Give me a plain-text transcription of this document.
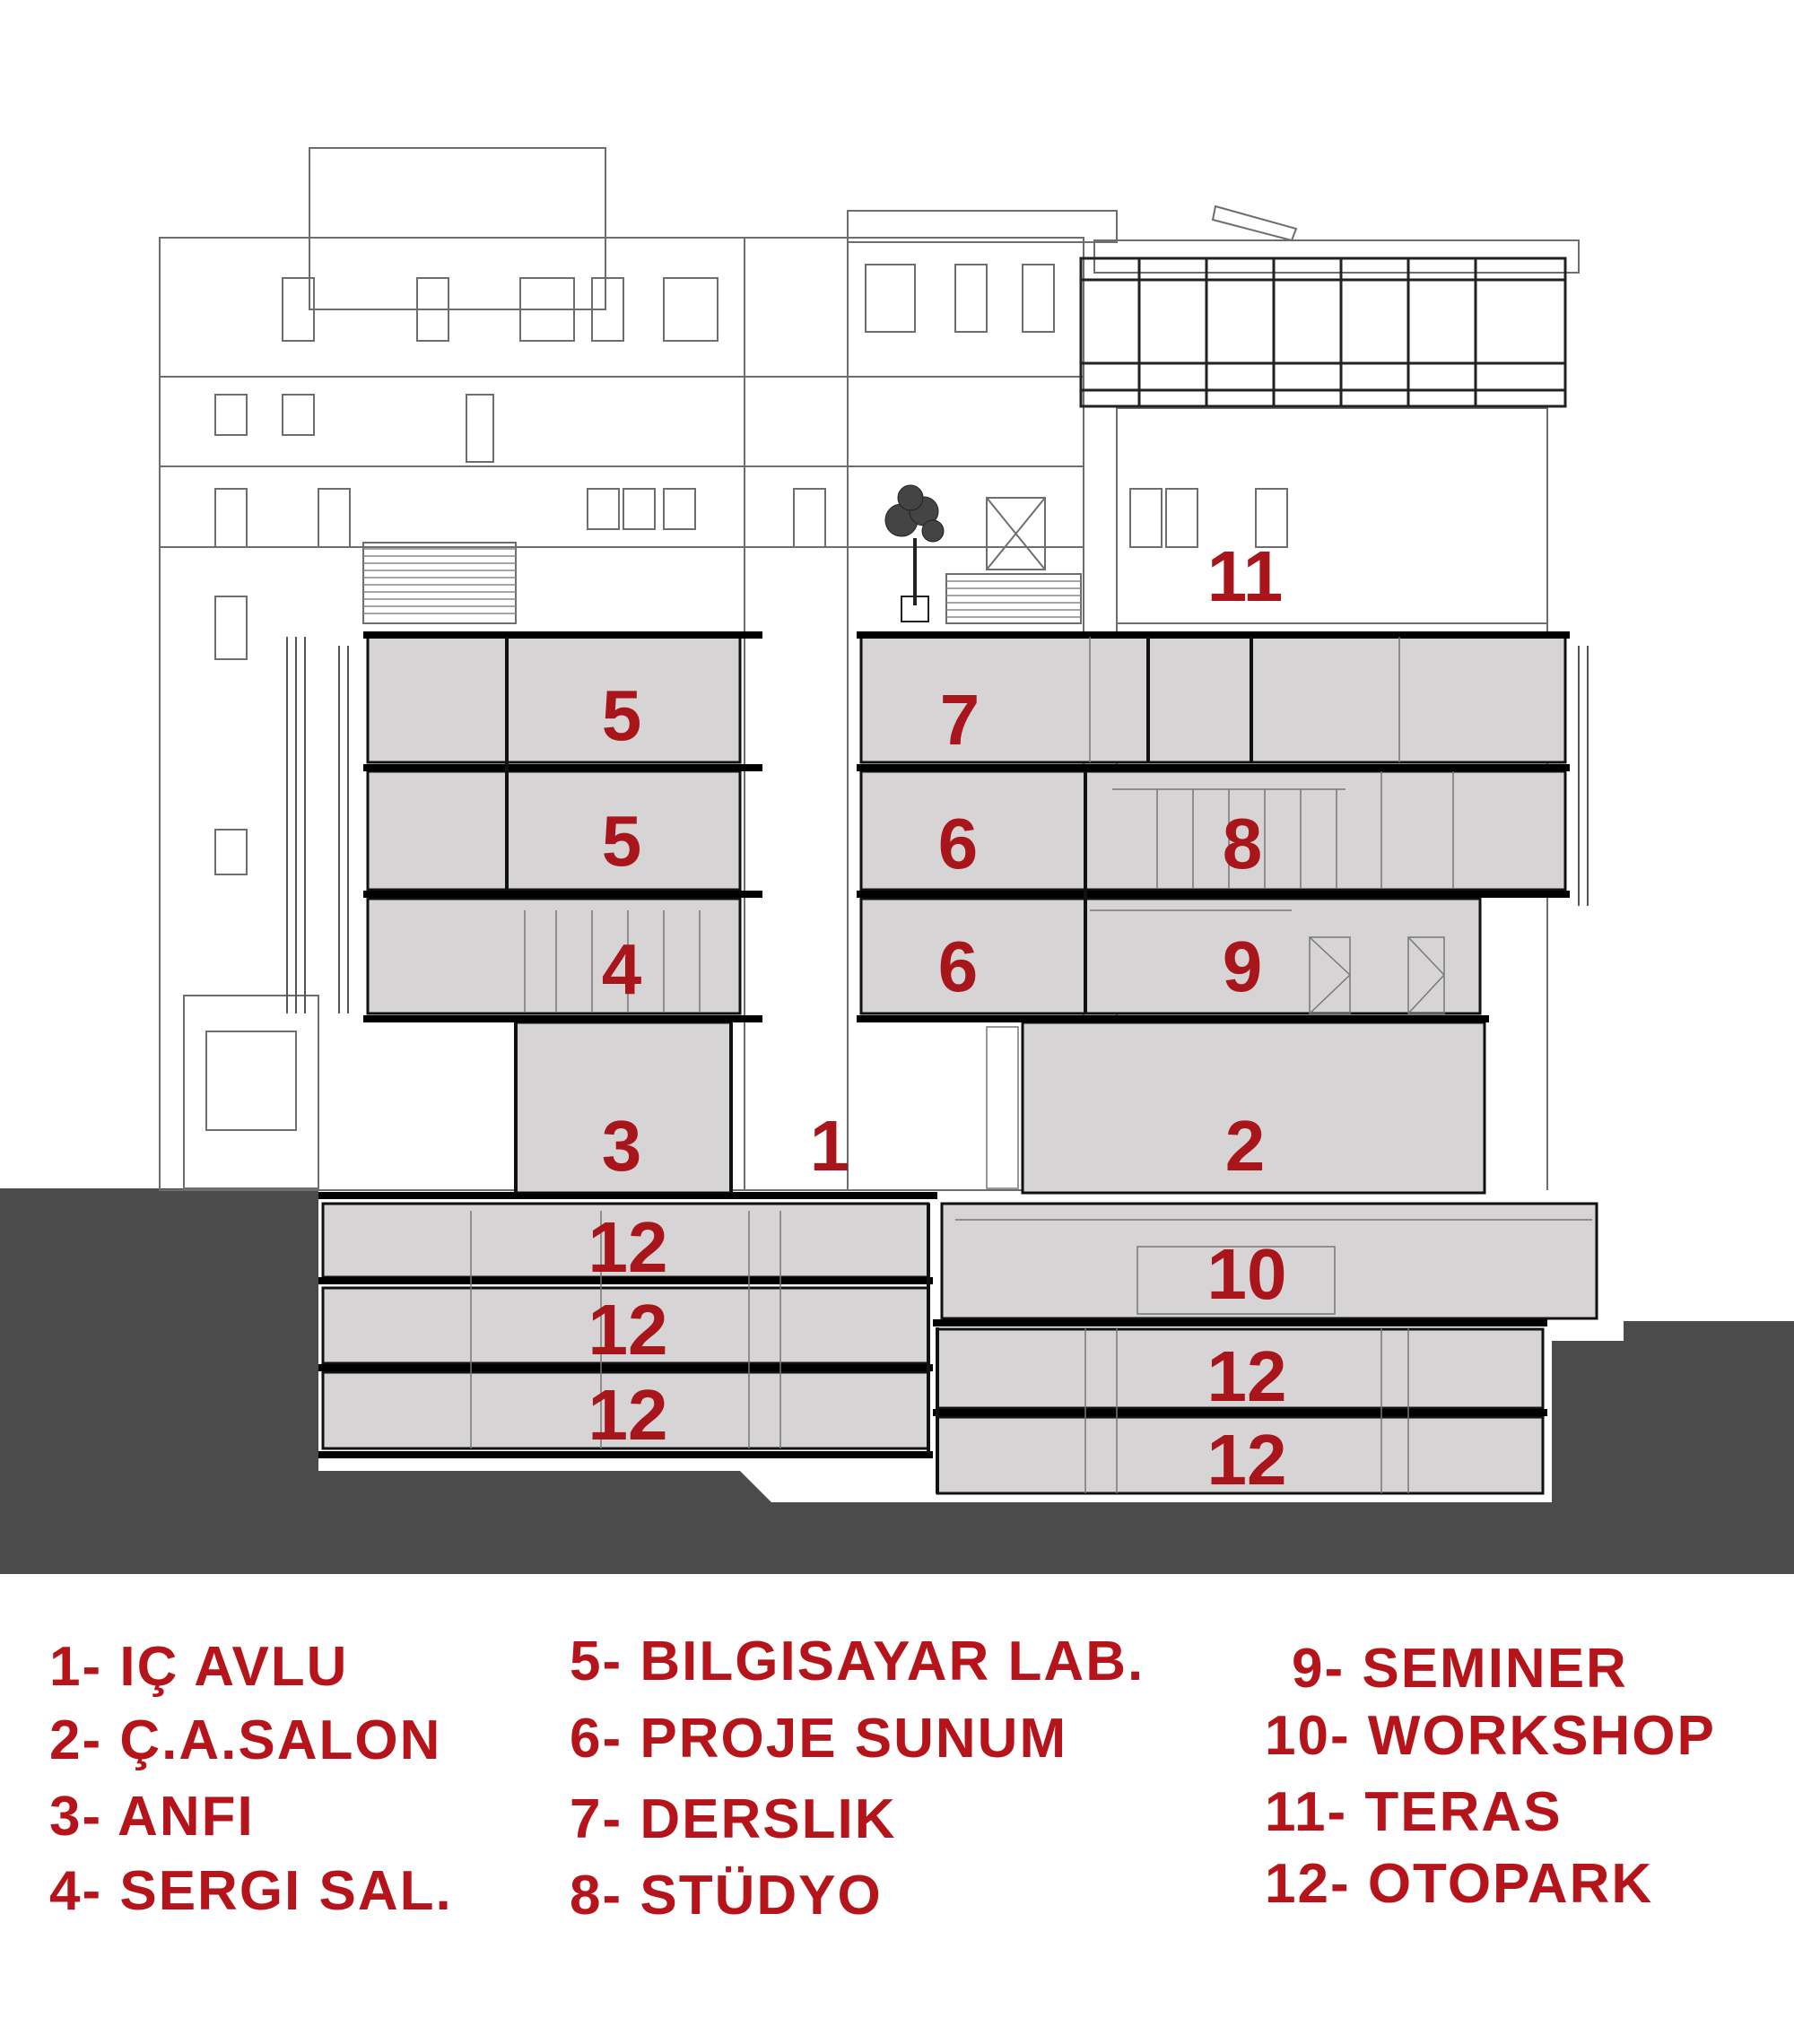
11
5	7
5	6	8
4	6	9
3 1	2
12	10
12
12
12
12
1- IÇ AVLU
2- Ç.A.SALON
3- ANFI
4- SERGI SAL.
5- BILGISAYAR LAB.
6- PROJE SUNUM
7- DERSLIK
8- STÜDYO
9- SEMINER
10- WORKSHOP
11- TERAS
12- OTOPARK
